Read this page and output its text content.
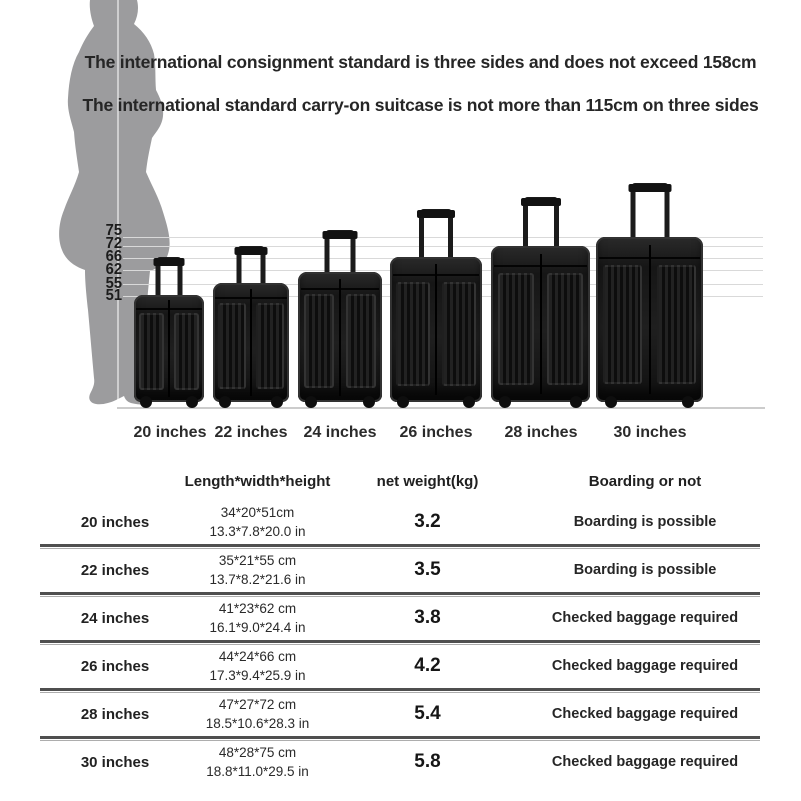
The international consignment standard is three sides and does not exceed 158cm
The international standard carry-on suitcase is not more than 115cm on three sides
75
72
66
62
55
51
20 inches 22 inches 24 inches 26 inches 28 inches 30 inches
Length*width*height	net weight(kg)	Boarding or not
20 inches
34*20*51cm
13.3*7.8*20.0 in	3.2	Boarding is possible
22 inches
35*21*55 cm
13.7*8.2*21.6 in	3.5	Boarding is possible
24 inches
41*23*62 cm
16.1*9.0*24.4 in	3.8	Checked baggage required
26 inches
44*24*66 cm
17.3*9.4*25.9 in	4.2	Checked baggage required
28 inches
47*27*72 cm
18.5*10.6*28.3 in	5.4	Checked baggage required
30 inches
48*28*75 cm
18.8*11.0*29.5 in	5.8	Checked baggage required
